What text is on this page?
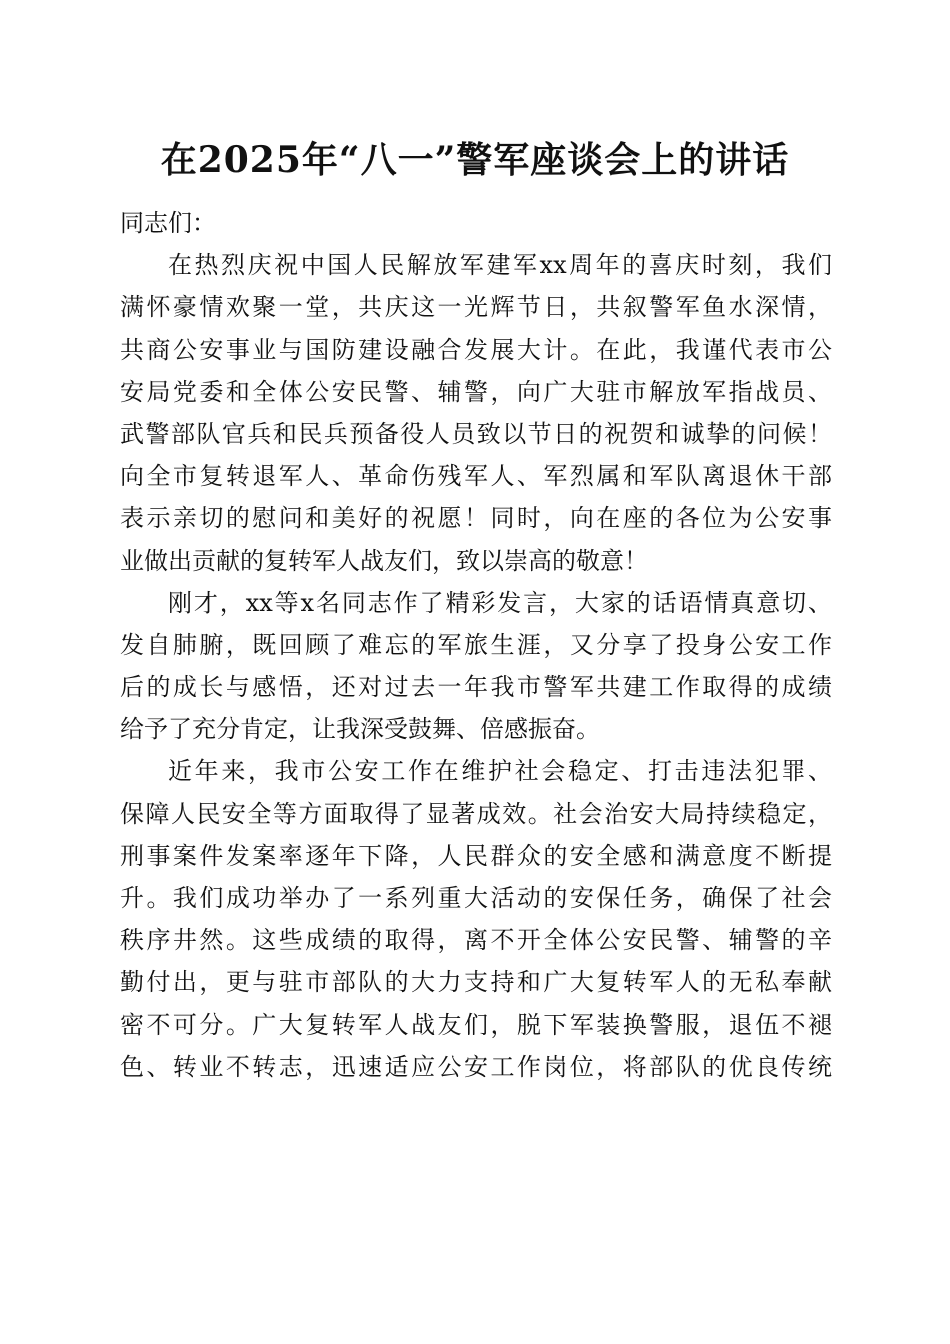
在2025年“八一”警军座谈会上的讲话
同志们：
在热烈庆祝中国人民解放军建军xx周年的喜庆时刻，我们
满怀豪情欢聚一堂，共庆这一光辉节日，共叙警军鱼水深情，
共商公安事业与国防建设融合发展大计。在此，我谨代表市公
安局党委和全体公安民警、辅警，向广大驻市解放军指战员、
武警部队官兵和民兵预备役人员致以节日的祝贺和诚挚的问候！
向全市复转退军人、革命伤残军人、军烈属和军队离退休干部
表示亲切的慰问和美好的祝愿！同时，向在座的各位为公安事
业做出贡献的复转军人战友们，致以崇高的敬意！
刚才，xx等x名同志作了精彩发言，大家的话语情真意切、
发自肺腑，既回顾了难忘的军旅生涯，又分享了投身公安工作
后的成长与感悟，还对过去一年我市警军共建工作取得的成绩
给予了充分肯定，让我深受鼓舞、倍感振奋。
近年来，我市公安工作在维护社会稳定、打击违法犯罪、
保障人民安全等方面取得了显著成效。社会治安大局持续稳定，
刑事案件发案率逐年下降，人民群众的安全感和满意度不断提
升。我们成功举办了一系列重大活动的安保任务，确保了社会
秩序井然。这些成绩的取得，离不开全体公安民警、辅警的辛
勤付出，更与驻市部队的大力支持和广大复转军人的无私奉献
密不可分。广大复转军人战友们，脱下军装换警服，退伍不褪
色、转业不转志，迅速适应公安工作岗位，将部队的优良传统
